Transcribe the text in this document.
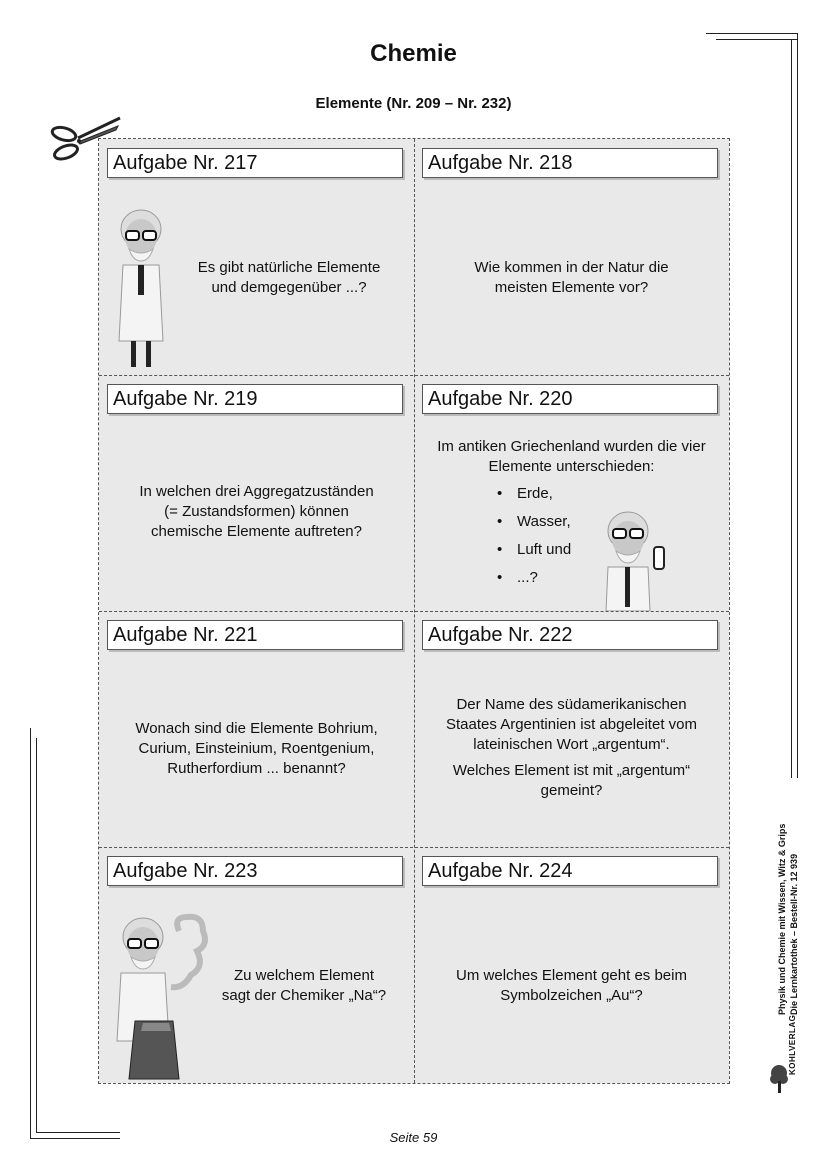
Chemie
Elemente (Nr. 209 – Nr. 232)
Aufgabe Nr. 217
Es gibt natürliche Elemente
und demgegenüber ...?
Aufgabe Nr. 218
Wie kommen in der Natur die
meisten Elemente vor?
Aufgabe Nr. 219
In welchen drei Aggregatzuständen
(= Zustandsformen) können
chemische Elemente auftreten?
Aufgabe Nr. 220
Im antiken Griechenland wurden die vier
Elemente unterschieden:
• Erde,
• Wasser,
• Luft und
• ...?
Aufgabe Nr. 221
Wonach sind die Elemente Bohrium,
Curium, Einsteinium, Roentgenium,
Rutherfordium ... benannt?
Aufgabe Nr. 222
Der Name des südamerikanischen
Staates Argentinien ist abgeleitet vom
lateinischen Wort „argentum“.
Welches Element ist mit „argentum“
gemeint?
Aufgabe Nr. 223
Zu welchem Element
sagt der Chemiker „Na“?
Aufgabe Nr. 224
Um welches Element geht es beim
Symbolzeichen „Au“?	Physik und Chemie mit Wissen, Witz & Grips Die Lernkartothek – Bestell-Nr. 12 939
KOHLVERLAG
Seite 59
